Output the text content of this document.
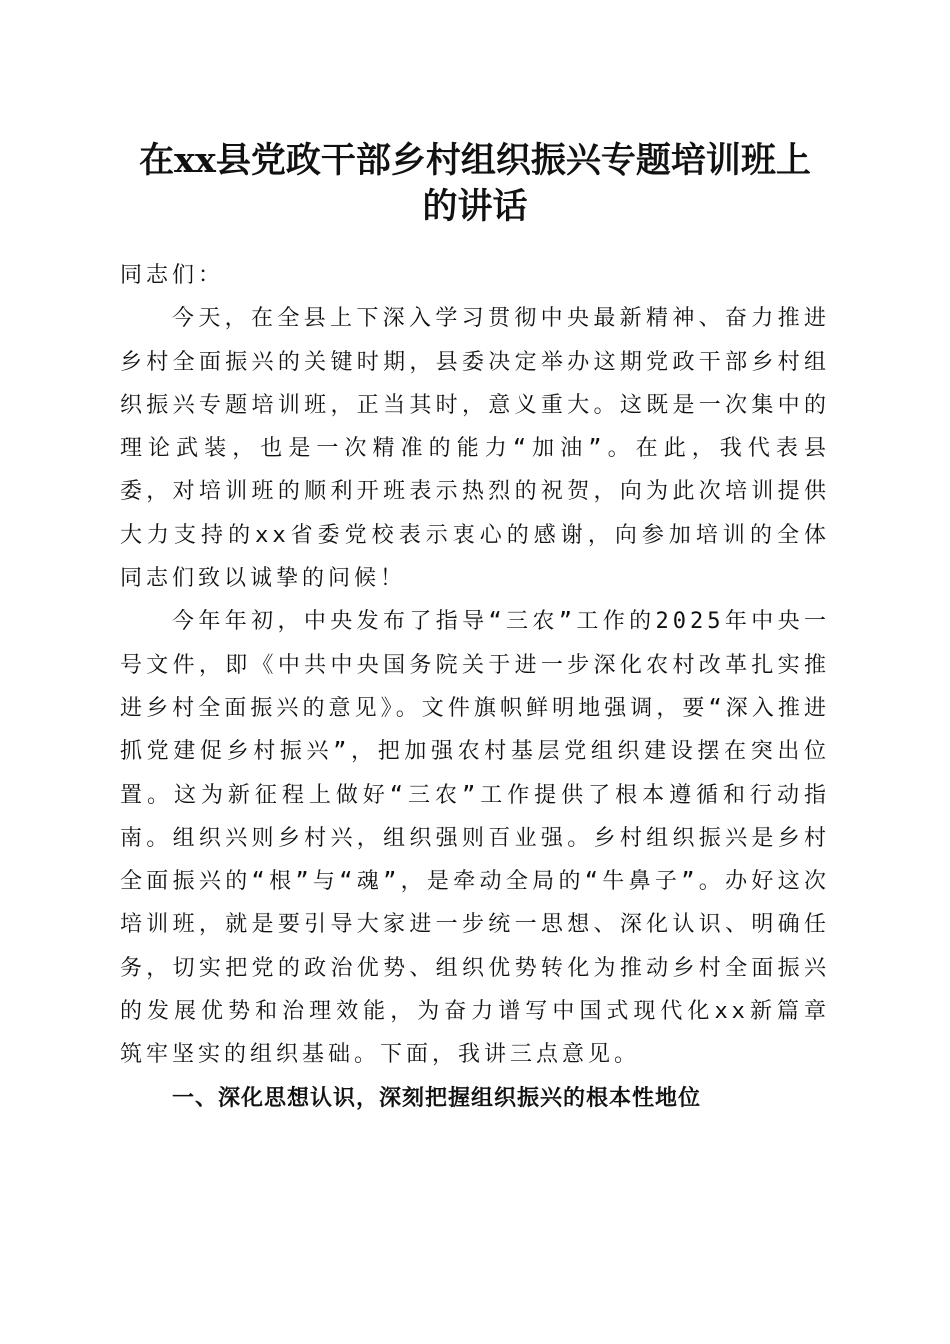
在xx县党政干部乡村组织振兴专题培训班上
的讲话

同志们：

今天，在全县上下深入学习贯彻中央最新精神、奋力推进乡村全面振兴的关键时期，县委决定举办这期党政干部乡村组织振兴专题培训班，正当其时，意义重大。这既是一次集中的理论武装，也是一次精准的能力“加油”。在此，我代表县委，对培训班的顺利开班表示热烈的祝贺，向为此次培训提供大力支持的xx省委党校表示衷心的感谢，向参加培训的全体同志们致以诚挚的问候！

今年年初，中央发布了指导“三农”工作的2025年中央一号文件，即《中共中央国务院关于进一步深化农村改革扎实推进乡村全面振兴的意见》。文件旗帜鲜明地强调，要“深入推进抓党建促乡村振兴”，把加强农村基层党组织建设摆在突出位置。这为新征程上做好“三农”工作提供了根本遵循和行动指南。组织兴则乡村兴，组织强则百业强。乡村组织振兴是乡村全面振兴的“根”与“魂”，是牵动全局的“牛鼻子”。办好这次培训班，就是要引导大家进一步统一思想、深化认识、明确任务，切实把党的政治优势、组织优势转化为推动乡村全面振兴的发展优势和治理效能，为奋力谱写中国式现代化xx新篇章筑牢坚实的组织基础。下面，我讲三点意见。

一、深化思想认识，深刻把握组织振兴的根本性地位
